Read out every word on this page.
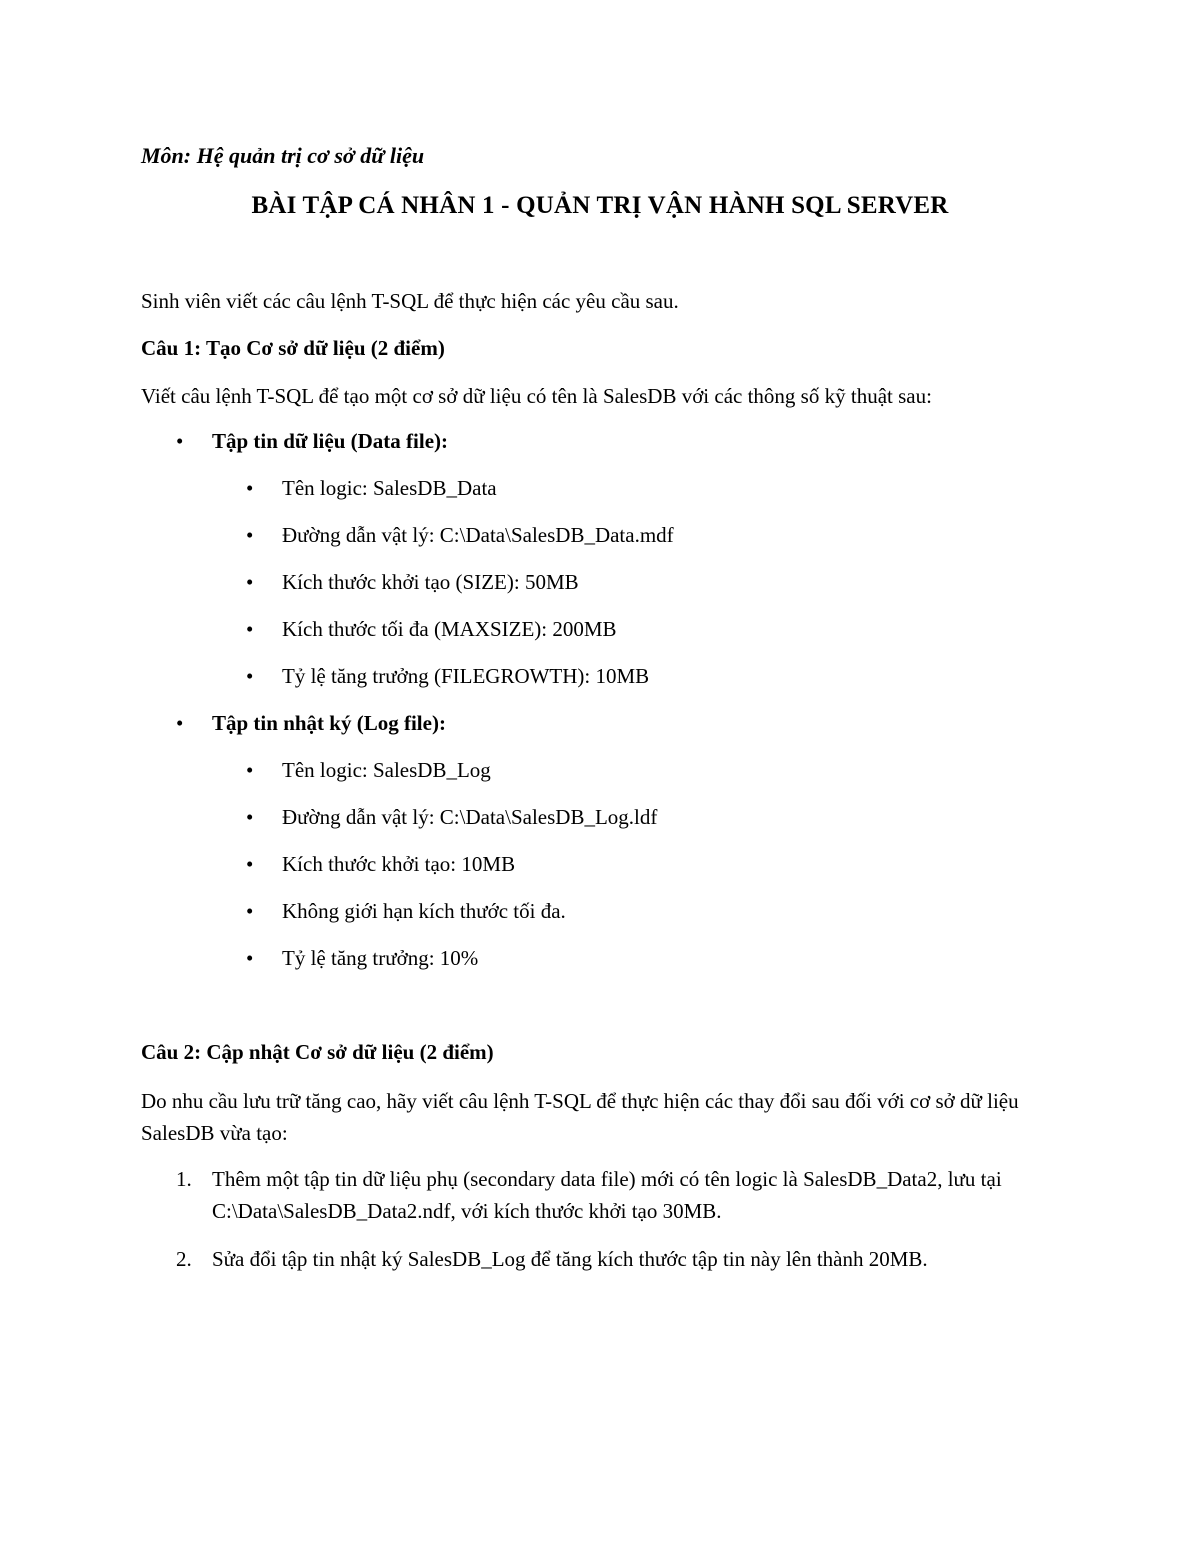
Môn: Hệ quản trị cơ sở dữ liệu
BÀI TẬP CÁ NHÂN 1 - QUẢN TRỊ VẬN HÀNH SQL SERVER
Sinh viên viết các câu lệnh T-SQL để thực hiện các yêu cầu sau.
Câu 1: Tạo Cơ sở dữ liệu (2 điểm)
Viết câu lệnh T-SQL để tạo một cơ sở dữ liệu có tên là SalesDB với các thông số kỹ thuật sau:
• Tập tin dữ liệu (Data file):
• Tên logic: SalesDB_Data
• Đường dẫn vật lý: C:\Data\SalesDB_Data.mdf
• Kích thước khởi tạo (SIZE): 50MB
• Kích thước tối đa (MAXSIZE): 200MB
• Tỷ lệ tăng trưởng (FILEGROWTH): 10MB
• Tập tin nhật ký (Log file):
• Tên logic: SalesDB_Log
• Đường dẫn vật lý: C:\Data\SalesDB_Log.ldf
• Kích thước khởi tạo: 10MB
• Không giới hạn kích thước tối đa.
• Tỷ lệ tăng trưởng: 10%
Câu 2: Cập nhật Cơ sở dữ liệu (2 điểm)
Do nhu cầu lưu trữ tăng cao, hãy viết câu lệnh T-SQL để thực hiện các thay đổi sau đối với cơ sở dữ liệu SalesDB vừa tạo:
1. Thêm một tập tin dữ liệu phụ (secondary data file) mới có tên logic là SalesDB_Data2, lưu tại C:\Data\SalesDB_Data2.ndf, với kích thước khởi tạo 30MB.
2. Sửa đổi tập tin nhật ký SalesDB_Log để tăng kích thước tập tin này lên thành 20MB.
